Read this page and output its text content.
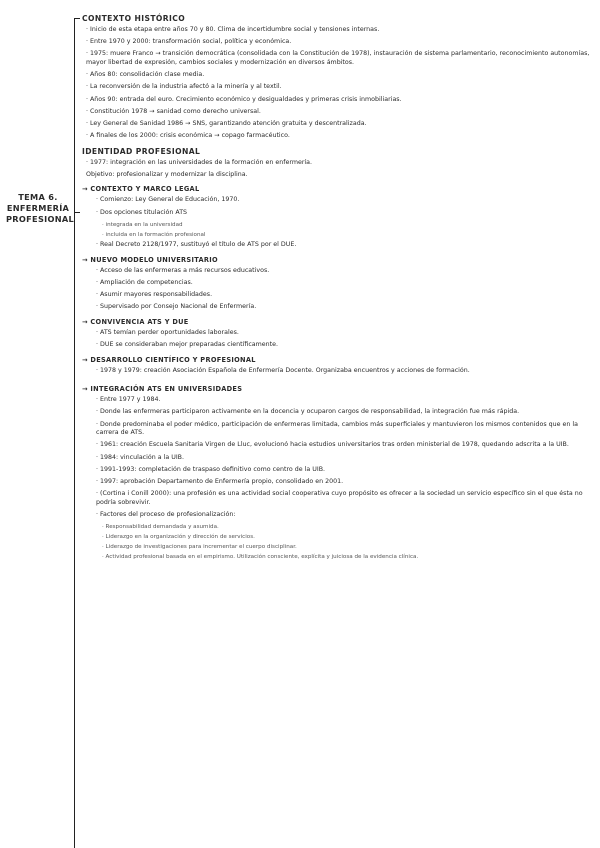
TEMA 6. ENFERMERÍA PROFESIONAL
CONTEXTO HISTÓRICO
· Inicio de esta etapa entre años 70 y 80. Clima de incertidumbre social y tensiones internas.
· Entre 1970 y 2000: transformación social, política y económica.
· 1975: muere Franco → transición democrática (consolidada con la Constitución de 1978), instauración de sistema parlamentario, reconocimiento autonomías, mayor libertad de expresión, cambios sociales y modernización en diversos ámbitos.
· Años 80: consolidación clase media.
· La reconversión de la industria afectó a la minería y al textil.
· Años 90: entrada del euro. Crecimiento económico y desigualdades y primeras crisis inmobiliarias.
· Constitución 1978 → sanidad como derecho universal.
· Ley General de Sanidad 1986 → SNS, garantizando atención gratuita y descentralizada.
· A finales de los 2000: crisis económica → copago farmacéutico.
IDENTIDAD PROFESIONAL
· 1977: integración en las universidades de la formación en enfermería.
Objetivo: profesionalizar y modernizar la disciplina.
→ CONTEXTO Y MARCO LEGAL
· Comienzo: Ley General de Educación, 1970.
· Dos opciones titulación ATS
· integrada en la universidad
· incluida en la formación profesional
· Real Decreto 2128/1977, sustituyó el título de ATS por el DUE.
→ NUEVO MODELO UNIVERSITARIO
· Acceso de las enfermeras a más recursos educativos.
· Ampliación de competencias.
· Asumir mayores responsabilidades.
· Supervisado por Consejo Nacional de Enfermería.
→ CONVIVENCIA ATS Y DUE
· ATS temían perder oportunidades laborales.
· DUE se consideraban mejor preparadas científicamente.
→ DESARROLLO CIENTÍFICO Y PROFESIONAL
· 1978 y 1979: creación Asociación Española de Enfermería Docente. Organizaba encuentros y acciones de formación.
→ INTEGRACIÓN ATS EN UNIVERSIDADES
· Entre 1977 y 1984.
· Donde las enfermeras participaron activamente en la docencia y ocuparon cargos de responsabilidad, la integración fue más rápida.
· Donde predominaba el poder médico, participación de enfermeras limitada, cambios más superficiales y mantuvieron los mismos contenidos que en la carrera de ATS.
· 1961: creación Escuela Sanitaria Virgen de Lluc, evolucionó hacia estudios universitarios tras orden ministerial de 1978, quedando adscrita a la UIB.
· 1984: vinculación a la UIB.
· 1991-1993: completación de traspaso definitivo como centro de la UIB.
· 1997: aprobación Departamento de Enfermería propio, consolidado en 2001.
· (Cortina i Conill 2000): una profesión es una actividad social cooperativa cuyo propósito es ofrecer a la sociedad un servicio específico sin el que ésta no podría sobrevivir.
· Factores del proceso de profesionalización:
· Responsabilidad demandada y asumida.
· Liderazgo en la organización y dirección de servicios.
· Liderazgo de investigaciones para incrementar el cuerpo disciplinar.
· Actividad profesional basada en el empirismo. Utilización consciente, explícita y juiciosa de la evidencia clínica.
